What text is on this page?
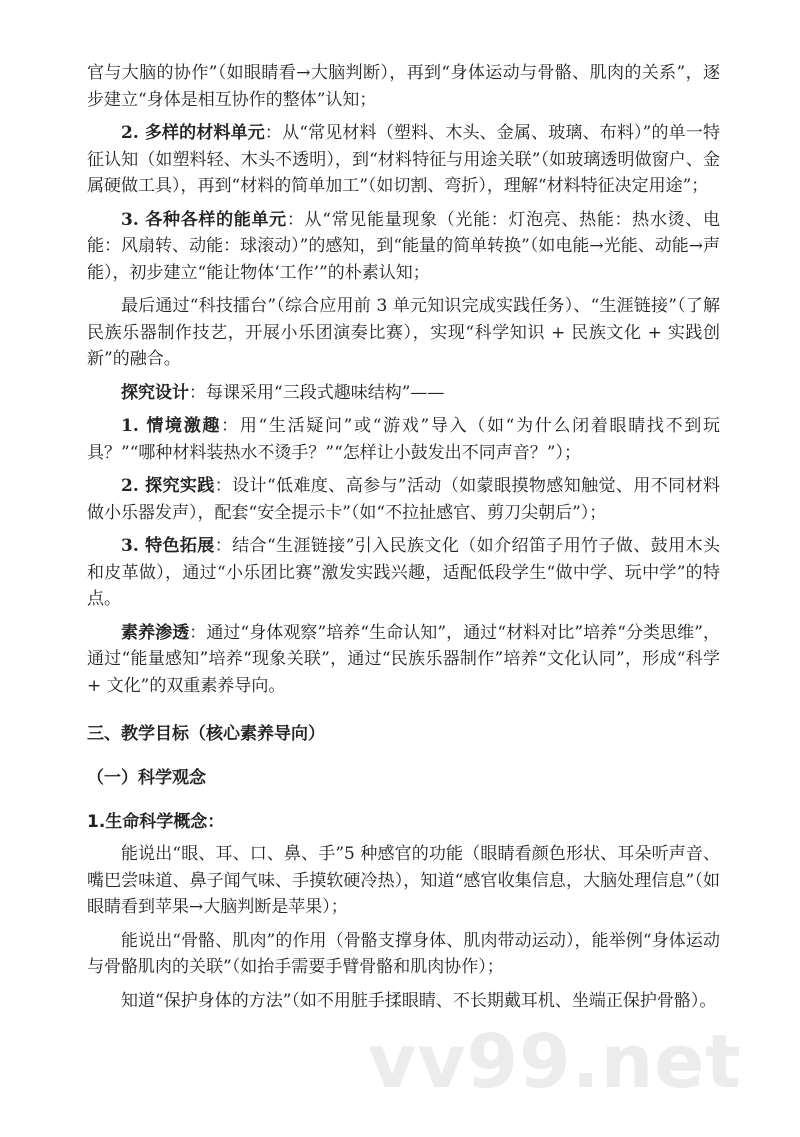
官与大脑的协作”（如眼睛看→大脑判断），再到“身体运动与骨骼、肌肉的关系”，逐步建立“身体是相互协作的整体”认知；

2. 多样的材料单元：从“常见材料（塑料、木头、金属、玻璃、布料）”的单一特征认知（如塑料轻、木头不透明），到“材料特征与用途关联”（如玻璃透明做窗户、金属硬做工具），再到“材料的简单加工”（如切割、弯折），理解“材料特征决定用途”；

3. 各种各样的能单元：从“常见能量现象（光能：灯泡亮、热能：热水烫、电能：风扇转、动能：球滚动）”的感知，到“能量的简单转换”（如电能→光能、动能→声能），初步建立“能让物体‘工作’”的朴素认知；

最后通过“科技擂台”（综合应用前 3 单元知识完成实践任务）、“生涯链接”（了解民族乐器制作技艺，开展小乐团演奏比赛），实现“科学知识 + 民族文化 + 实践创新”的融合。

探究设计：每课采用“三段式趣味结构”——

1. 情境激趣：用“生活疑问”或“游戏”导入（如“为什么闭着眼睛找不到玩具？”“哪种材料装热水不烫手？”“怎样让小鼓发出不同声音？”）；

2. 探究实践：设计“低难度、高参与”活动（如蒙眼摸物感知触觉、用不同材料做小乐器发声），配套“安全提示卡”（如“不拉扯感官、剪刀尖朝后”）；

3. 特色拓展：结合“生涯链接”引入民族文化（如介绍笛子用竹子做、鼓用木头和皮革做），通过“小乐团比赛”激发实践兴趣，适配低段学生“做中学、玩中学”的特点。

素养渗透：通过“身体观察”培养“生命认知”，通过“材料对比”培养“分类思维”，通过“能量感知”培养“现象关联”，通过“民族乐器制作”培养“文化认同”，形成“科学 + 文化”的双重素养导向。

三、教学目标（核心素养导向）
（一）科学观念
1.生命科学概念：

能说出“眼、耳、口、鼻、手”5 种感官的功能（眼睛看颜色形状、耳朵听声音、嘴巴尝味道、鼻子闻气味、手摸软硬冷热），知道“感官收集信息，大脑处理信息”（如眼睛看到苹果→大脑判断是苹果）；

能说出“骨骼、肌肉”的作用（骨骼支撑身体、肌肉带动运动），能举例“身体运动与骨骼肌肉的关联”（如抬手需要手臂骨骼和肌肉协作）；

知道“保护身体的方法”（如不用脏手揉眼睛、不长期戴耳机、坐端正保护骨骼）。

vv99.net
